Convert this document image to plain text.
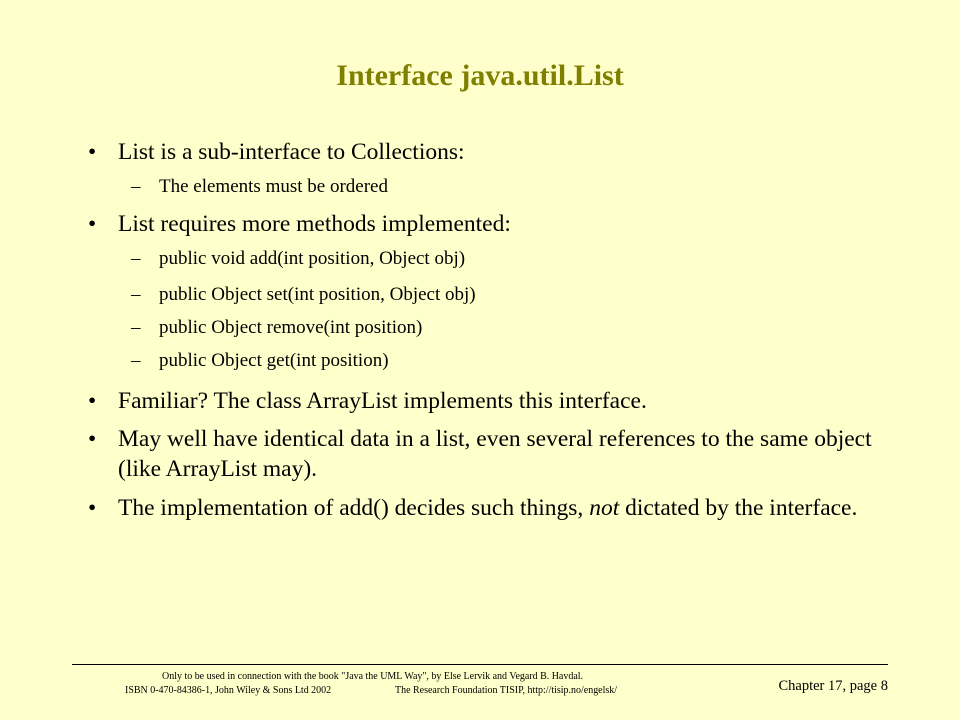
Interface java.util.List
• List is a sub-interface to Collections:
– The elements must be ordered
• List requires more methods implemented:
– public void add(int position, Object obj)
– public Object set(int position, Object obj)
– public Object remove(int position)
– public Object get(int position)
• Familiar? The class ArrayList implements this interface.
• May well have identical data in a list, even several references to the same object (like ArrayList may).
• The implementation of add() decides such things, not dictated by the interface.
Only to be used in connection with the book "Java the UML Way", by Else Lervik and Vegard B. Havdal.
ISBN 0-470-84386-1, John Wiley & Sons Ltd 2002	The Research Foundation TISIP, http://tisip.no/engelsk/	Chapter 17, page 8
